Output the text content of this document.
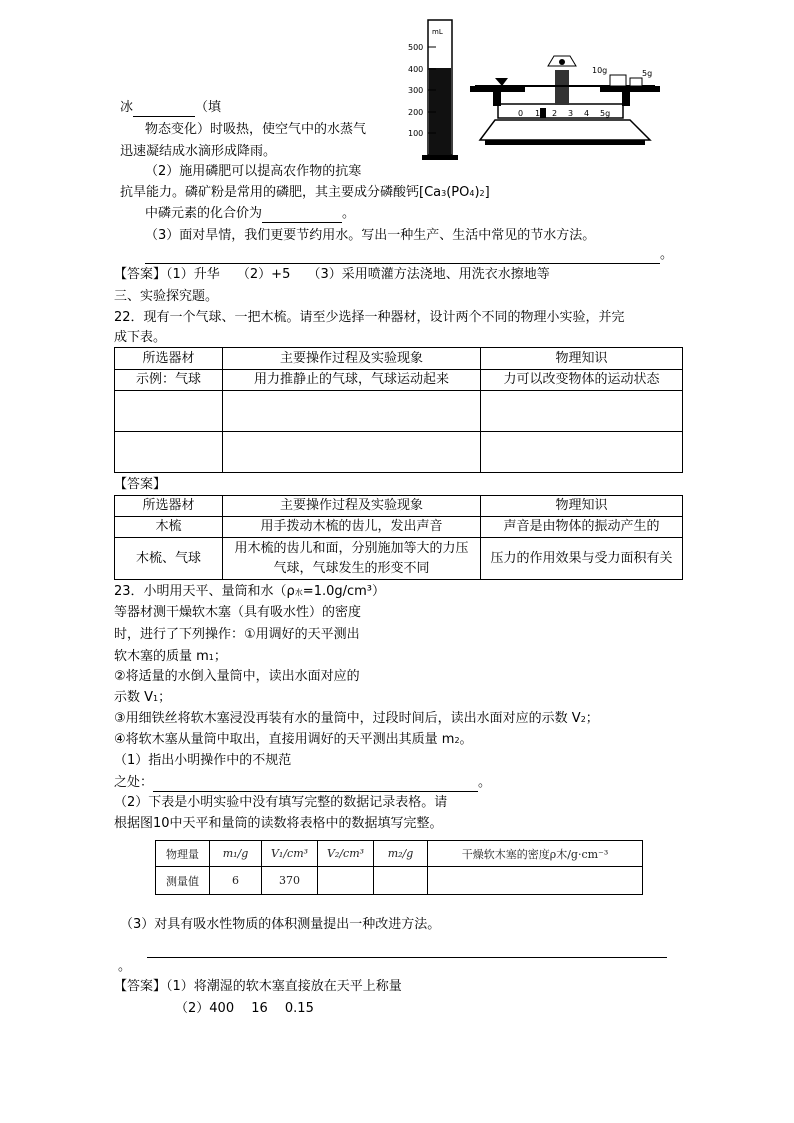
mL
500
400
300
200
100
0 1 2 3 4 5g
10g	5g
冰	（填
物态变化）时吸热，使空气中的水蒸气
迅速凝结成水滴形成降雨。
（2）施用磷肥可以提高农作物的抗寒
抗旱能力。磷矿粉是常用的磷肥，其主要成分磷酸钙[Ca3(PO4)2]
中磷元素的化合价为	。
（3）面对旱情，我们更要节约用水。写出一种生产、生活中常见的节水方法。
。
【答案】（1）升华　 （2）+5　 （3）采用喷灌方法浇地、用洗衣水擦地等
三、实验探究题。
22．现有一个气球、一把木梳。请至少选择一种器材，设计两个不同的物理小实验，并完
成下表。
所选器材	主要操作过程及实验现象	物理知识
示例：气球	用力推静止的气球，气球运动起来	力可以改变物体的运动状态

【答案】
所选器材	主要操作过程及实验现象	物理知识
木梳	用手拨动木梳的齿儿，发出声音	声音是由物体的振动产生的
木梳、气球	用木梳的齿儿和面，分别施加等大的力压气球，气球发生的形变不同	压力的作用效果与受力面积有关
23．小明用天平、量筒和水（ρ水=1.0g/cm³）
等器材测干燥软木塞（具有吸水性）的密度
时，进行了下列操作：①用调好的天平测出
软木塞的质量 m1；
②将适量的水倒入量筒中，读出水面对应的
示数 V1；
③用细铁丝将软木塞浸没再装有水的量筒中，过段时间后，读出水面对应的示数 V2；
④将软木塞从量筒中取出，直接用调好的天平测出其质量 m2。
（1）指出小明操作中的不规范
之处：	。
（2）下表是小明实验中没有填写完整的数据记录表格。请
根据图10中天平和量筒的读数将表格中的数据填写完整。
物理量	m₁/g	V₁/cm³	V₂/cm³	m₂/g	干燥软木塞的密度ρ木/g·cm⁻³
测量值	6	370			
（3）对具有吸水性物质的体积测量提出一种改进方法。
。
【答案】（1）将潮湿的软木塞直接放在天平上称量
（2）400　 16　 0.15
